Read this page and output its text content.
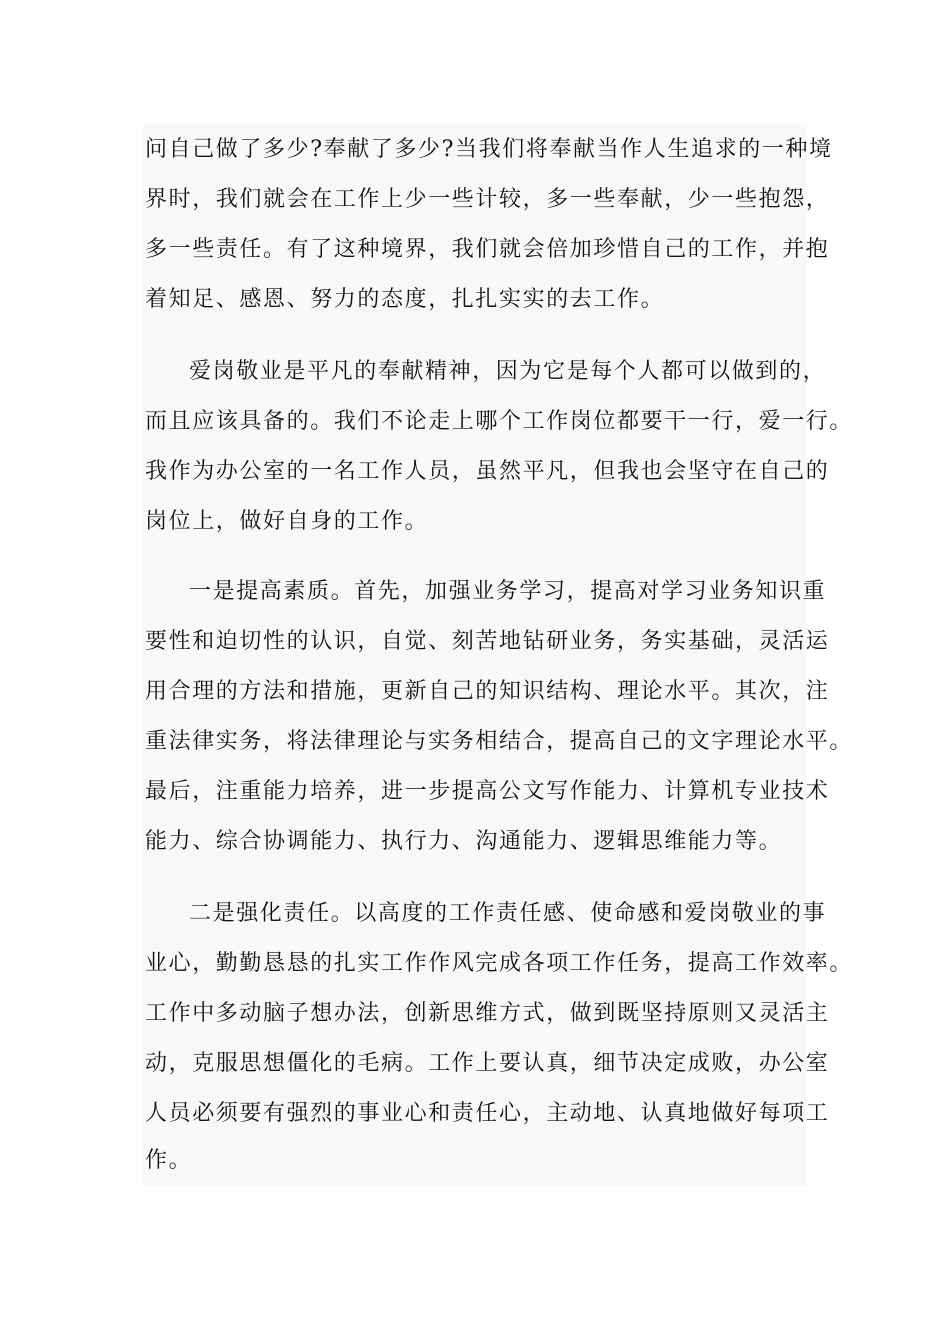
问自己做了多少?奉献了多少?当我们将奉献当作人生追求的一种境
界时，我们就会在工作上少一些计较，多一些奉献，少一些抱怨，
多一些责任。有了这种境界，我们就会倍加珍惜自己的工作，并抱
着知足、感恩、努力的态度，扎扎实实的去工作。
爱岗敬业是平凡的奉献精神，因为它是每个人都可以做到的，
而且应该具备的。我们不论走上哪个工作岗位都要干一行，爱一行。
我作为办公室的一名工作人员，虽然平凡，但我也会坚守在自己的
岗位上，做好自身的工作。
一是提高素质。首先，加强业务学习，提高对学习业务知识重
要性和迫切性的认识，自觉、刻苦地钻研业务，务实基础，灵活运
用合理的方法和措施，更新自己的知识结构、理论水平。其次，注
重法律实务，将法律理论与实务相结合，提高自己的文字理论水平。
最后，注重能力培养，进一步提高公文写作能力、计算机专业技术
能力、综合协调能力、执行力、沟通能力、逻辑思维能力等。
二是强化责任。以高度的工作责任感、使命感和爱岗敬业的事
业心，勤勤恳恳的扎实工作作风完成各项工作任务，提高工作效率。
工作中多动脑子想办法，创新思维方式，做到既坚持原则又灵活主
动，克服思想僵化的毛病。工作上要认真，细节决定成败，办公室
人员必须要有强烈的事业心和责任心，主动地、认真地做好每项工
作。
